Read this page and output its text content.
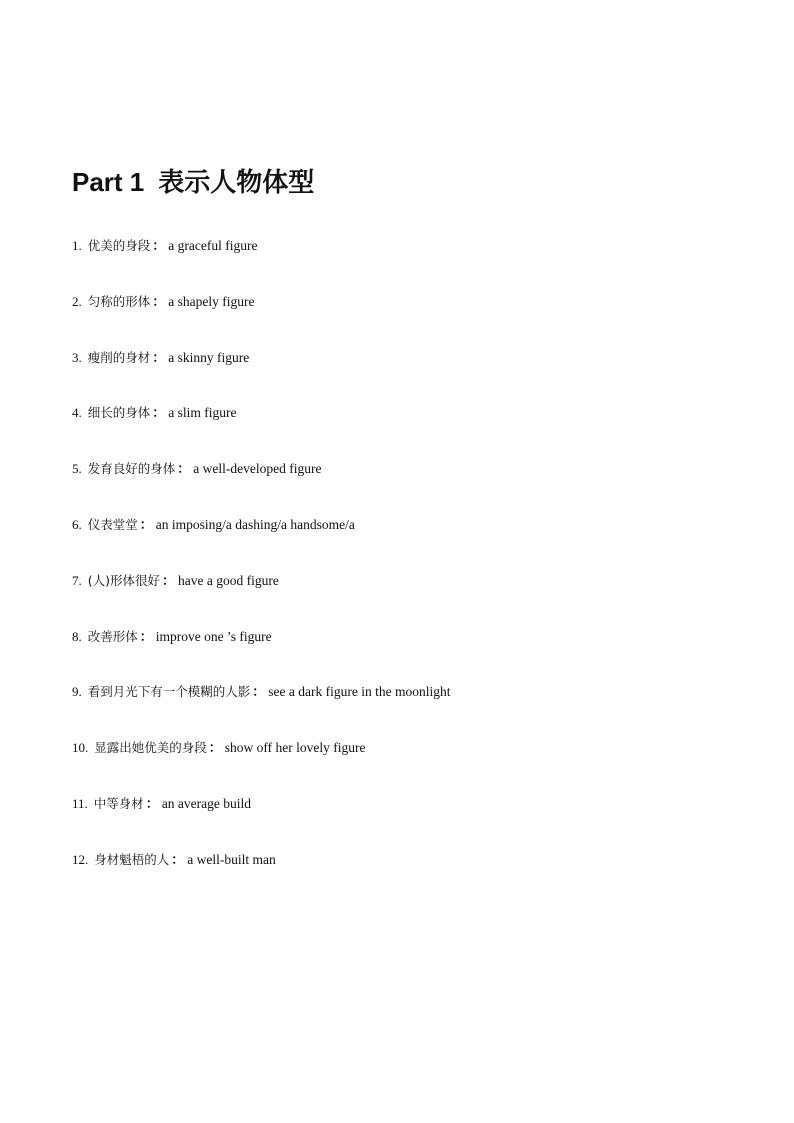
Part 1 表示人物体型
1. 优美的身段 ： a graceful figure
2. 匀称的形体 ： a shapely figure
3. 瘦削的身材 ： a skinny figure
4. 细长的身体 ： a slim figure
5. 发育良好的身体 ： a well-developed figure
6. 仪表堂堂 ： an imposing/a dashing/a handsome/a
7. (人)形体很好 ： have a good figure
8. 改善形体 ： improve one ’s figure
9. 看到月光下有一个模糊的人影 ： see a dark figure in the moonlight
10. 显露出她优美的身段 ： show off her lovely figure
11. 中等身材 ： an average build
12. 身材魁梧的人 ： a well-built man
